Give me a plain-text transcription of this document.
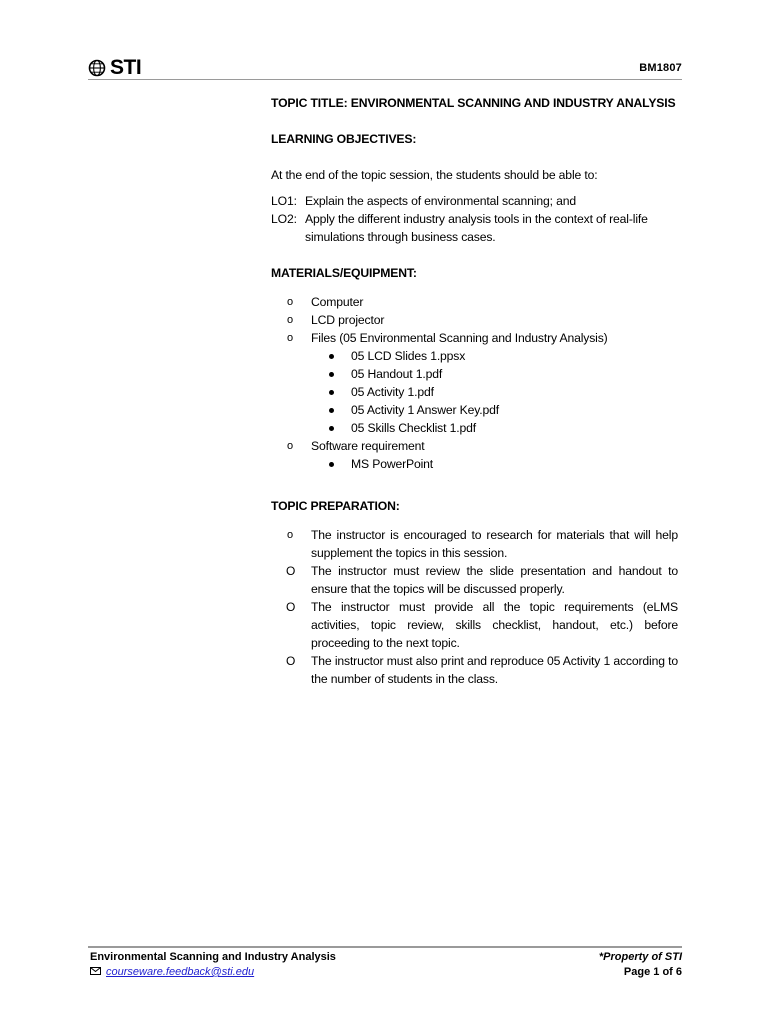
STI	BM1807

TOPIC TITLE: ENVIRONMENTAL SCANNING AND INDUSTRY ANALYSIS

LEARNING OBJECTIVES:

At the end of the topic session, the students should be able to:

LO1: Explain the aspects of environmental scanning; and
LO2: Apply the different industry analysis tools in the context of real-life simulations through business cases.

MATERIALS/EQUIPMENT:

o Computer
o LCD projector
o Files (05 Environmental Scanning and Industry Analysis)
05 LCD Slides 1.ppsx
05 Handout 1.pdf
05 Activity 1.pdf
05 Activity 1 Answer Key.pdf
05 Skills Checklist 1.pdf
o Software requirement
MS PowerPoint

TOPIC PREPARATION:

o The instructor is encouraged to research for materials that will help supplement the topics in this session.
O The instructor must review the slide presentation and handout to ensure that the topics will be discussed properly.
O The instructor must provide all the topic requirements (eLMS activities, topic review, skills checklist, handout, etc.) before proceeding to the next topic.
O The instructor must also print and reproduce 05 Activity 1 according to the number of students in the class.
Environmental Scanning and Industry Analysis
courseware.feedback@sti.edu
*Property of STI
Page 1 of 6
